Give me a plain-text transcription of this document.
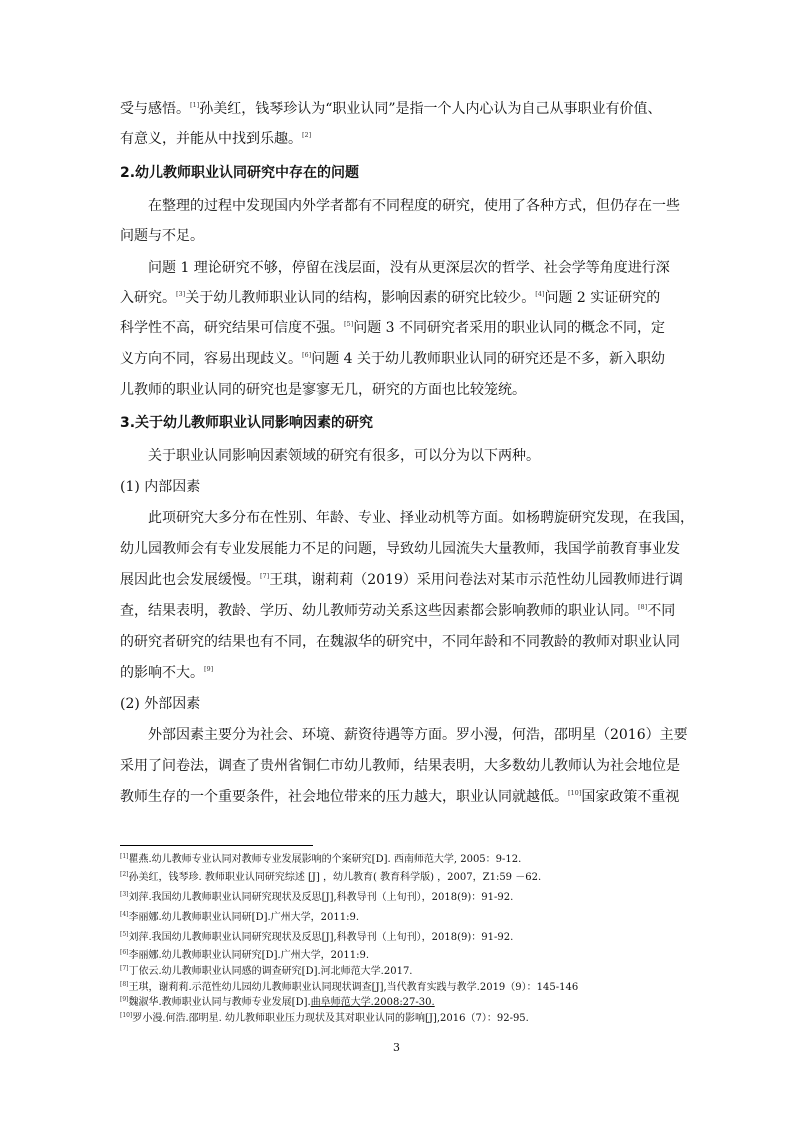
受与感悟。[1]孙美红，钱琴珍认为“职业认同”是指一个人内心认为自己从事职业有价值、
有意义，并能从中找到乐趣。[2]
2.幼儿教师职业认同研究中存在的问题
在整理的过程中发现国内外学者都有不同程度的研究，使用了各种方式，但仍存在一些
问题与不足。
问题 1 理论研究不够，停留在浅层面，没有从更深层次的哲学、社会学等角度进行深
入研究。[3]关于幼儿教师职业认同的结构，影响因素的研究比较少。[4]问题 2 实证研究的
科学性不高，研究结果可信度不强。[5]问题 3 不同研究者采用的职业认同的概念不同，定
义方向不同，容易出现歧义。[6]问题 4 关于幼儿教师职业认同的研究还是不多，新入职幼
儿教师的职业认同的研究也是寥寥无几，研究的方面也比较笼统。
3.关于幼儿教师职业认同影响因素的研究
关于职业认同影响因素领域的研究有很多，可以分为以下两种。
(1) 内部因素
此项研究大多分布在性别、年龄、专业、择业动机等方面。如杨聘旋研究发现，在我国，
幼儿园教师会有专业发展能力不足的问题，导致幼儿园流失大量教师，我国学前教育事业发
展因此也会发展缓慢。[7]王琪，谢莉莉（2019）采用问卷法对某市示范性幼儿园教师进行调
查，结果表明，教龄、学历、幼儿教师劳动关系这些因素都会影响教师的职业认同。[8]不同
的研究者研究的结果也有不同，在魏淑华的研究中，不同年龄和不同教龄的教师对职业认同
的影响不大。[9]
(2) 外部因素
外部因素主要分为社会、环境、薪资待遇等方面。罗小漫，何浩，邵明星（2016）主要
采用了问卷法，调查了贵州省铜仁市幼儿教师，结果表明，大多数幼儿教师认为社会地位是
教师生存的一个重要条件，社会地位带来的压力越大，职业认同就越低。[10]国家政策不重视
[1]瞿燕.幼儿教师专业认同对教师专业发展影响的个案研究[D]. 西南师范大学, 2005：9-12.
[2]孙美红，钱琴珍. 教师职业认同研究综述 [J] ，幼儿教育( 教育科学版) ，2007，Z1:59 －62.
[3]刘萍.我国幼儿教师职业认同研究现状及反思[J],科教导刊（上旬刊），2018(9)：91-92.
[4]李丽娜.幼儿教师职业认同研[D].广州大学，2011:9.
[5]刘萍.我国幼儿教师职业认同研究现状及反思[J],科教导刊（上旬刊），2018(9)：91-92.
[6]李丽娜.幼儿教师职业认同研究[D].广州大学，2011:9.
[7]丁依云.幼儿教师职业认同感的调查研究[D].河北师范大学.2017.
[8]王琪，谢莉莉.示范性幼儿园幼儿教师职业认同现状调查[J],当代教育实践与教学.2019（9）：145-146
[9]魏淑华.教师职业认同与教师专业发展[D].曲阜师范大学.2008:27-30.
[10]罗小漫.何浩.邵明星. 幼儿教师职业压力现状及其对职业认同的影响[J],2016（7）：92-95.
3
